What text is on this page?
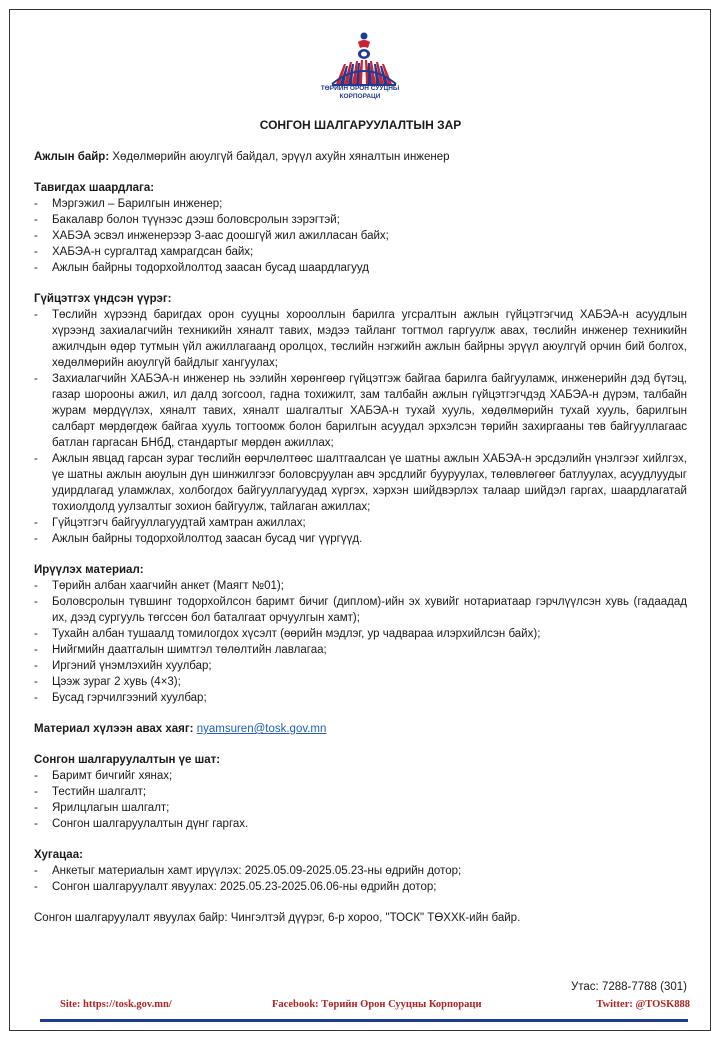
ТӨРИЙН ОРОН СУУЦНЫ
КОРПОРАЦИ
СОНГОН ШАЛГАРУУЛАЛТЫН ЗАР
Ажлын байр: Хөдөлмөрийн аюулгүй байдал, эрүүл ахуйн хяналтын инженер
Тавигдах шаардлага:
- Мэргэжил – Барилгын инженер;
- Бакалавр болон түүнээс дээш боловсролын зэрэгтэй;
- ХАБЭА эсвэл инженерээр 3-аас доошгүй жил ажилласан байх;
- ХАБЭА-н сургалтад хамрагдсан байх;
- Ажлын байрны тодорхойлолтод заасан бусад шаардлагууд
Гүйцэтгэх үндсэн үүрэг:
- Төслийн хүрээнд баригдах орон сууцны хорооллын барилга угсралтын ажлын гүйцэтгэгчид ХАБЭА-н асуудлын хүрээнд захиалагчийн техникийн хяналт тавих, мэдээ тайланг тогтмол гаргуулж авах, төслийн инженер техникийн ажилчдын өдөр тутмын үйл ажиллагаанд оролцох, төслийн нэгжийн ажлын байрны эрүүл аюулгүй орчин бий болгох, хөдөлмөрийн аюулгүй байдлыг хангуулах;
- Захиалагчийн ХАБЭА-н инженер нь ээлийн хөрөнгөөр гүйцэтгэж байгаа барилга байгууламж, инженерийн дэд бүтэц, газар шорооны ажил, ил далд зогсоол, гадна тохижилт, зам талбайн ажлын гүйцэтгэгчдэд ХАБЭА-н дүрэм, талбайн журам мөрдүүлэх, хяналт тавих, хяналт шалгалтыг ХАБЭА-н тухай хууль, хөдөлмөрийн тухай хууль, барилгын салбарт мөрдөгдөж байгаа хууль тогтоомж болон барилгын асуудал эрхэлсэн төрийн захиргааны төв байгууллагаас батлан гаргасан БНбД, стандартыг мөрдөн ажиллах;
- Ажлын явцад гарсан зураг төслийн өөрчлөлтөөс шалтгаалсан үе шатны ажлын ХАБЭА-н эрсдэлийн үнэлгээг хийлгэх, үе шатны ажлын аюулын дүн шинжилгээг боловсруулан авч эрсдлийг бууруулах, төлөвлөгөөг батлуулах, асуудлуудыг удирдлагад уламжлах, холбогдох байгууллагуудад хүргэх, хэрхэн шийдвэрлэх талаар шийдэл гаргах, шаардлагатай тохиолдолд уулзалтыг зохион байгуулж, тайлаган ажиллах;
- Гүйцэтгэгч байгууллагуудтай хамтран ажиллах;
- Ажлын байрны тодорхойлолтод заасан бусад чиг үүргүүд.
Ирүүлэх материал:
- Төрийн албан хаагчийн анкет (Маягт №01);
- Боловсролын түвшинг тодорхойлсон баримт бичиг (диплом)-ийн эх хувийг нотариатаар гэрчлүүлсэн хувь (гадаадад их, дээд сургууль төгссөн бол баталгаат орчуулгын хамт);
- Тухайн албан тушаалд томилогдох хүсэлт (өөрийн мэдлэг, ур чадвараа илэрхийлсэн байх);
- Нийгмийн даатгалын шимтгэл төлөлтийн лавлагаа;
- Иргэний үнэмлэхийн хуулбар;
- Цээж зураг 2 хувь (4×3);
- Бусад гэрчилгээний хуулбар;
Материал хүлээн авах хаяг: nyamsuren@tosk.gov.mn
Сонгон шалгаруулалтын үе шат:
- Баримт бичгийг хянах;
- Тестийн шалгалт;
- Ярилцлагын шалгалт;
- Сонгон шалгаруулалтын дүнг гаргах.
Хугацаа:
- Анкетыг материалын хамт ирүүлэх: 2025.05.09-2025.05.23-ны өдрийн дотор;
- Сонгон шалгаруулалт явуулах: 2025.05.23-2025.06.06-ны өдрийн дотор;
Сонгон шалгаруулалт явуулах байр: Чингэлтэй дүүрэг, 6-р хороо, "ТОСК" ТӨХХК-ийн байр.
Утас: 7288-7788 (301)
Site: https://tosk.gov.mn/	Facebook: Төрийн Орон Сууцны Корпораци	Twitter: @TOSK888
